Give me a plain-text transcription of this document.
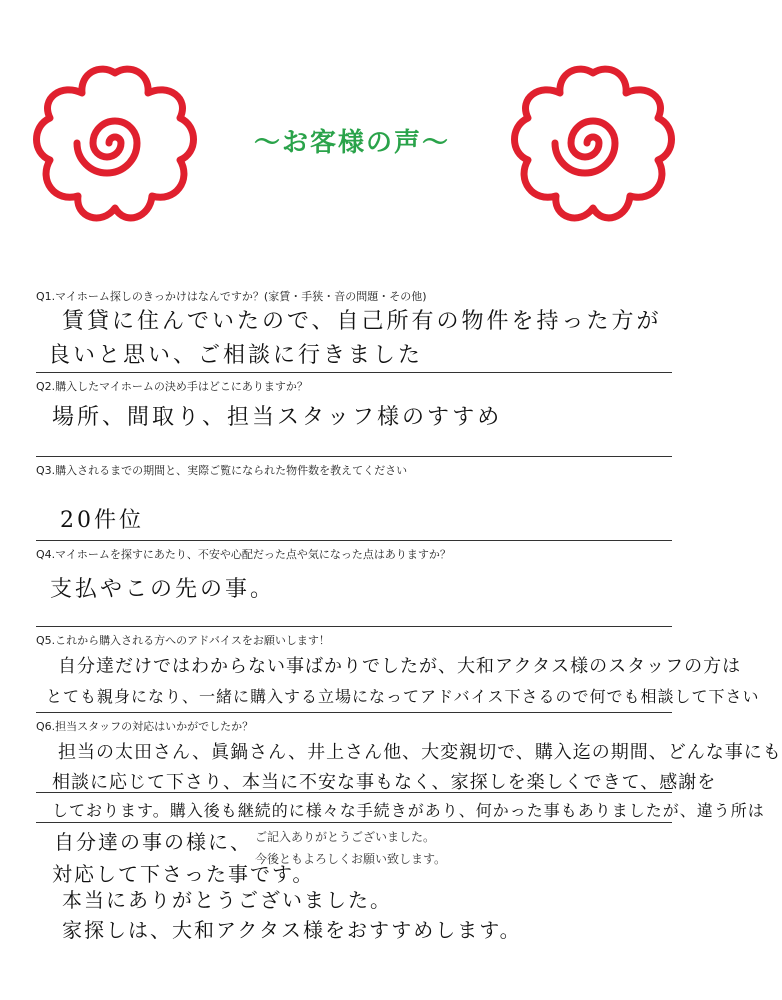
～お客様の声～
Q1.マイホーム探しのきっかけはなんですか？(家賃・手狭・音の問題・その他)
賃貸に住んでいたので、自己所有の物件を持った方が
良いと思い、ご相談に行きました
Q2.購入したマイホームの決め手はどこにありますか？
場所、間取り、担当スタッフ様のすすめ
Q3.購入されるまでの期間と、実際ご覧になられた物件数を教えてください
20件位
Q4.マイホームを探すにあたり、不安や心配だった点や気になった点はありますか？
支払やこの先の事。
Q5.これから購入される方へのアドバイスをお願いします！
自分達だけではわからない事ばかりでしたが、大和アクタス様のスタッフの方は
とても親身になり、一緒に購入する立場になってアドバイス下さるので何でも相談して下さい
Q6.担当スタッフの対応はいかがでしたか？
担当の太田さん、眞鍋さん、井上さん他、大変親切で、購入迄の期間、どんな事にも
相談に応じて下さり、本当に不安な事もなく、家探しを楽しくできて、感謝を
しております。購入後も継続的に様々な手続きがあり、何かった事もありましたが、違う所は
自分達の事の様に、
対応して下さった事です。
本当にありがとうございました。
家探しは、大和アクタス様をおすすめします。
ご記入ありがとうございました。
今後ともよろしくお願い致します。
